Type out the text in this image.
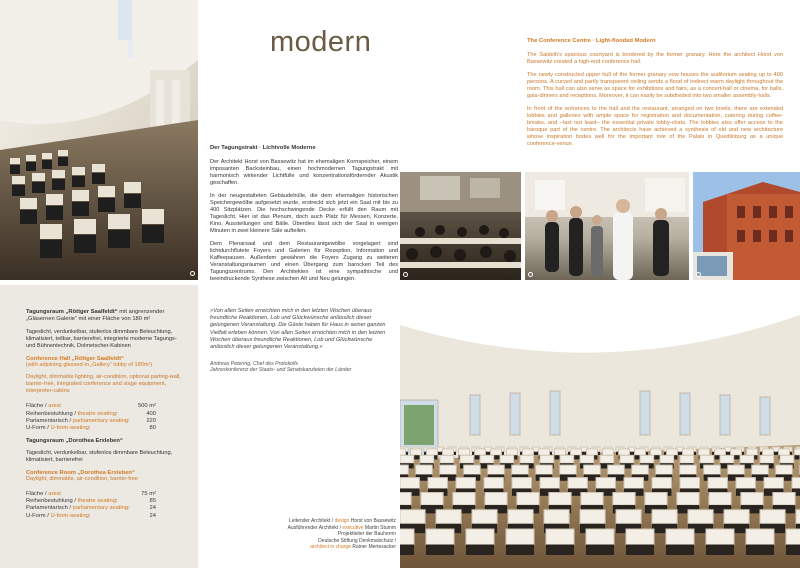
modern
Der Tagungstrakt · Lichtvolle Moderne

Der Architekt Horst von Bassewitz hat im ehemaligen Kornspeicher, einem imposanten Backsteinbau, einen hochmodernen Tagungstrakt mit harmonisch wirkender Lichtfülle und konzentrationsfördernder Akustik geschaffen.

In der neugestalteten Gebäudehülle, die dem ehemaligen historischen Speichergewölbe aufgesetzt wurde, erstreckt sich jetzt ein Saal mit bis zu 400 Sitzplätzen. Die hochschwingende Decke erfüllt den Raum mit Tageslicht. Hier ist das Plenum, doch auch Platz für Messen, Konzerte, Kino, Ausstellungen und Bälle. Überdies lässt sich der Saal in wenigen Minuten in zwei kleinere Säle aufteilen.

Dem Plenarsaal und dem Restaurantgewölbe vorgelagert sind lichtdurchflutete Foyers und Galerien für Rezeption, Information und Kaffeepausen. Außerdem gewähren die Foyers Zugang zu weiteren Veranstaltungsräumen und einen Übergang zum barocken Teil des Tagungszentrums. Den Architekten ist eine sympathische und beeindruckende Synthese zwischen Alt und Neu gelungen.

The Conference Centre · Light-flooded Modern

The Saldelh's spacious courtyard is bordered by the former granary. Here the architect Horst von Bassewitz created a high-end conference hall.

The newly constructed upper hull of the former granary now houses the auditorium seating up to 400 persons. A curved and partly transparent ceiling sends a flood of indirect warm daylight throughout the room. This hall can also serve as space for exhibitions and fairs, as a concert-hall or cinema, for balls, gala-dinners and receptions. Moreover, it can easily be subdivided into two smaller assembly-halls.

In front of the entrances to the hall and the restaurant, arranged on two levels, there are extended lobbies and galleries with ample space for registration and documentation, catering during coffee-breaks, and –last not least– the essential private lobby-chats. The lobbies also offer access to the baroque part of the centre. The architects have achieved a synthesis of old and new architecture whose inspiration bodes well for the important role of the Palais in Quedlinburg as a unique conference-venue.

Tagungsraum „Röttger Saalfeldt“ mit angrenzender „Gläsernen Galerie“ mit einer Fläche von 180 m²
Tageslicht, verdunkelbar, stufenlos dimmbare Beleuchtung, klimatisiert, teilbar, barrierefrei, integrierte moderne Tagungs- und Bühnentechnik, Dolmetscher-Kabinen
Conference Hall „Röttger Saalfeldt“
(with adjoining glassed-in „Gallery“ lobby of 180m²)
Daylight, dimmable lighting, air-condition, optional parting-wall, barrier-free, integrated conference and stage equipment, interpreter-cabins
Fläche / area:	500 m²
Reihenbestuhlung / theatre seating:	400
Parlamentarisch / parliamentary seating:	220
U-Form / U-form-seating:	80
Tagungsraum „Dorothea Erxleben“
Tageslicht, verdunkelbar, stufenlos dimmbare Beleuchtung, klimatisiert, barrierefrei
Conference Room „Dorothea Erxleben“
Daylight, dimmable, air-condition, barrier-free
Fläche / area:	75 m²
Reihenbestuhlung / theatre seating:	85
Parlamentarisch / parliamentary seating:	24
U-Form / U-form-seating:	24

»Von allen Seiten erreichten mich in den letzten Wochen überaus freundliche Reaktionen, Lob und Glückwünsche anlässlich dieser gelungenen Veranstaltung. Die Gäste haben für Haus in seiner ganzen Vielfalt erleben können. Von allen Seiten erreichten mich in den letzten Wochen überaus freundliche Reaktionen, Lob und Glückwünsche anlässlich dieser gelungenen Veranstaltung.«

Andreas Petering, Chef des Protokolls

Jahreskonferenz der Staats- und Senatskanzleien der Länder

Leitender Architekt / design Horst von Bassewitz
Ausführender Architekt / executive Martin Stumm
Projektleiter der Bauherrin
Deutsche Stiftung Denkmalschutz /
architect in charge Rainer Mertesacker
